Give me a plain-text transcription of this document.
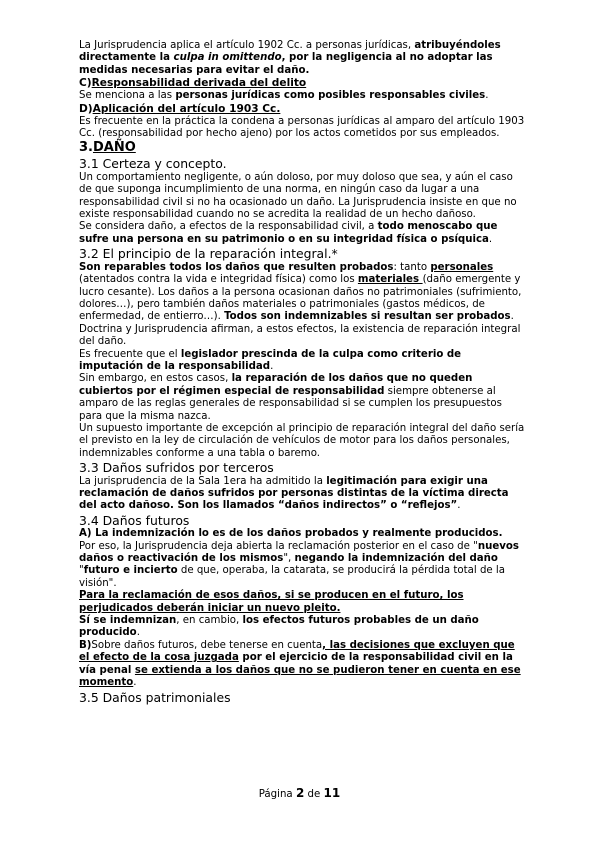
La Jurisprudencia aplica el artículo 1902 Cc. a personas jurídicas, atribuyéndoles directamente la culpa in omittendo, por la negligencia al no adoptar las medidas necesarias para evitar el daño.

C)Responsabilidad derivada del delito

Se menciona a las personas jurídicas como posibles responsables civiles.

D)Aplicación del artículo 1903 Cc.

Es frecuente en la práctica la condena a personas jurídicas al amparo del artículo 1903 Cc. (responsabilidad por hecho ajeno) por los actos cometidos por sus empleados.

3.DAÑO

3.1 Certeza y concepto.

Un comportamiento negligente, o aún doloso, por muy doloso que sea, y aún el caso de que suponga incumplimiento de una norma, en ningún caso da lugar a una responsabilidad civil si no ha ocasionado un daño. La Jurisprudencia insiste en que no existe responsabilidad cuando no se acredita la realidad de un hecho dañoso.

Se considera daño, a efectos de la responsabilidad civil, a todo menoscabo que sufre una persona en su patrimonio o en su integridad física o psíquica.

3.2 El principio de la reparación integral.*

Son reparables todos los daños que resulten probados: tanto personales (atentados contra la vida e integridad física) como los materiales (daño emergente y lucro cesante). Los daños a la persona ocasionan daños no patrimoniales (sufrimiento, dolores…), pero también daños materiales o patrimoniales (gastos médicos, de enfermedad, de entierro…). Todos son indemnizables si resultan ser probados. Doctrina y Jurisprudencia afirman, a estos efectos, la existencia de reparación integral del daño.

Es frecuente que el legislador prescinda de la culpa como criterio de imputación de la responsabilidad.

Sin embargo, en estos casos, la reparación de los daños que no queden cubiertos por el régimen especial de responsabilidad siempre obtenerse al amparo de las reglas generales de responsabilidad si se cumplen los presupuestos para que la misma nazca.

Un supuesto importante de excepción al principio de reparación integral del daño sería el previsto en la ley de circulación de vehículos de motor para los daños personales, indemnizables conforme a una tabla o baremo.

3.3 Daños sufridos por terceros

La jurisprudencia de la Sala 1era ha admitido la legitimación para exigir una reclamación de daños sufridos por personas distintas de la víctima directa del acto dañoso. Son los llamados “daños indirectos” o “reflejos”.

3.4 Daños futuros

A) La indemnización lo es de los daños probados y realmente producidos.

Por eso, la Jurisprudencia deja abierta la reclamación posterior en el caso de "nuevos daños o reactivación de los mismos", negando la indemnización del daño "futuro e incierto de que, operaba, la catarata, se producirá la pérdida total de la visión".

Para la reclamación de esos daños, si se producen en el futuro, los perjudicados deberán iniciar un nuevo pleito.

Sí se indemnizan, en cambio, los efectos futuros probables de un daño producido.

B)Sobre daños futuros, debe tenerse en cuenta, las decisiones que excluyen que el efecto de la cosa juzgada por el ejercicio de la responsabilidad civil en la vía penal se extienda a los daños que no se pudieron tener en cuenta en ese momento.

3.5 Daños patrimoniales

Página 2 de 11
